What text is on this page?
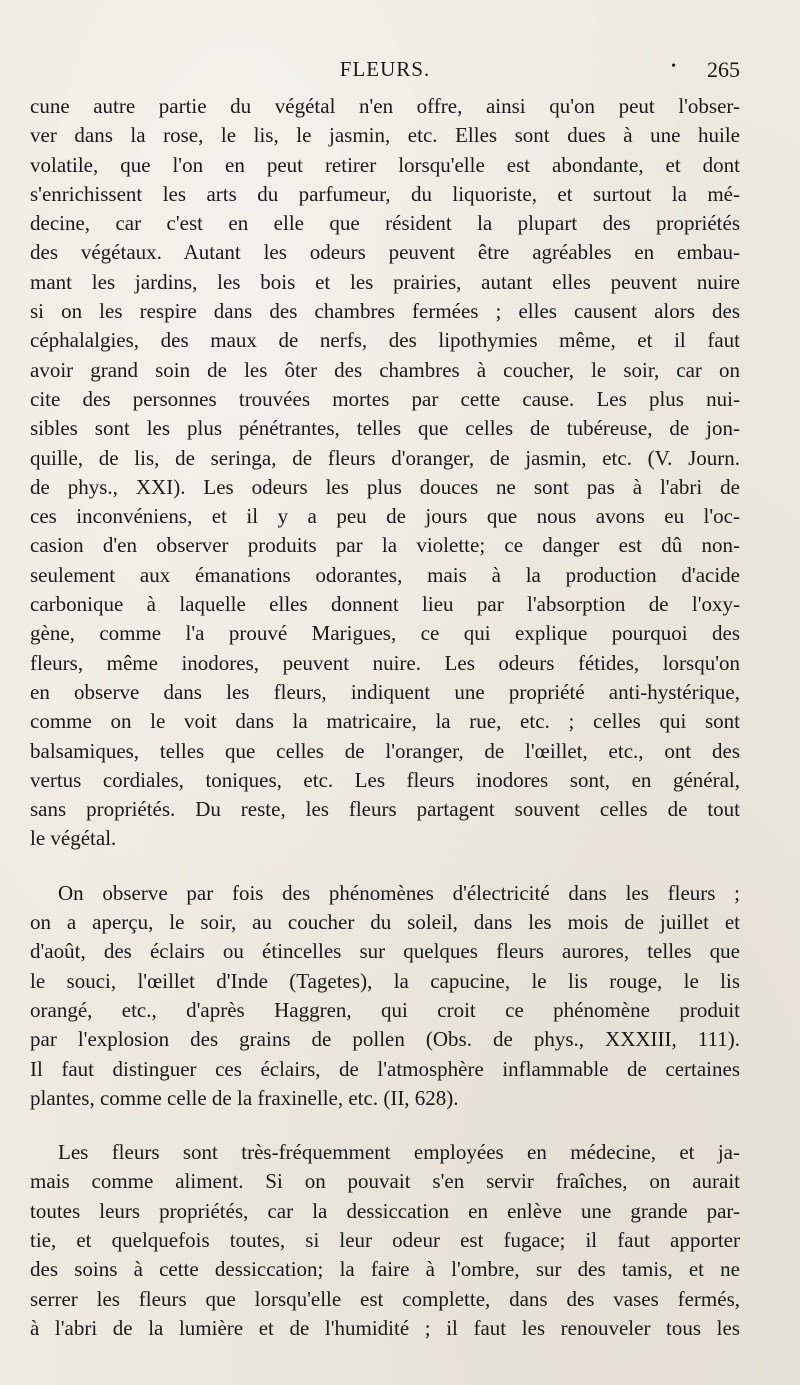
FLEURS.	• 265
cune autre partie du végétal n'en offre, ainsi qu'on peut l'obser-
ver dans la rose, le lis, le jasmin, etc. Elles sont dues à une huile
volatile, que l'on en peut retirer lorsqu'elle est abondante, et dont
s'enrichissent les arts du parfumeur, du liquoriste, et surtout la mé-
decine, car c'est en elle que résident la plupart des propriétés
des végétaux. Autant les odeurs peuvent être agréables en embau-
mant les jardins, les bois et les prairies, autant elles peuvent nuire
si on les respire dans des chambres fermées ; elles causent alors des
céphalalgies, des maux de nerfs, des lipothymies même, et il faut
avoir grand soin de les ôter des chambres à coucher, le soir, car on
cite des personnes trouvées mortes par cette cause. Les plus nui-
sibles sont les plus pénétrantes, telles que celles de tubéreuse, de jon-
quille, de lis, de seringa, de fleurs d'oranger, de jasmin, etc. (V. Journ.
de phys., XXI). Les odeurs les plus douces ne sont pas à l'abri de
ces inconvéniens, et il y a peu de jours que nous avons eu l'oc-
casion d'en observer produits par la violette; ce danger est dû non-
seulement aux émanations odorantes, mais à la production d'acide
carbonique à laquelle elles donnent lieu par l'absorption de l'oxy-
gène, comme l'a prouvé Marigues, ce qui explique pourquoi des
fleurs, même inodores, peuvent nuire. Les odeurs fétides, lorsqu'on
en observe dans les fleurs, indiquent une propriété anti-hystérique,
comme on le voit dans la matricaire, la rue, etc. ; celles qui sont
balsamiques, telles que celles de l'oranger, de l'œillet, etc., ont des
vertus cordiales, toniques, etc. Les fleurs inodores sont, en général,
sans propriétés. Du reste, les fleurs partagent souvent celles de tout
le végétal.
On observe par fois des phénomènes d'électricité dans les fleurs ;
on a aperçu, le soir, au coucher du soleil, dans les mois de juillet et
d'août, des éclairs ou étincelles sur quelques fleurs aurores, telles que
le souci, l'œillet d'Inde (Tagetes), la capucine, le lis rouge, le lis
orangé, etc., d'après Haggren, qui croit ce phénomène produit
par l'explosion des grains de pollen (Obs. de phys., XXXIII, 111).
Il faut distinguer ces éclairs, de l'atmosphère inflammable de certaines
plantes, comme celle de la fraxinelle, etc. (II, 628).
Les fleurs sont très-fréquemment employées en médecine, et ja-
mais comme aliment. Si on pouvait s'en servir fraîches, on aurait
toutes leurs propriétés, car la dessiccation en enlève une grande par-
tie, et quelquefois toutes, si leur odeur est fugace; il faut apporter
des soins à cette dessiccation; la faire à l'ombre, sur des tamis, et ne
serrer les fleurs que lorsqu'elle est complette, dans des vases fermés,
à l'abri de la lumière et de l'humidité ; il faut les renouveler tous les
